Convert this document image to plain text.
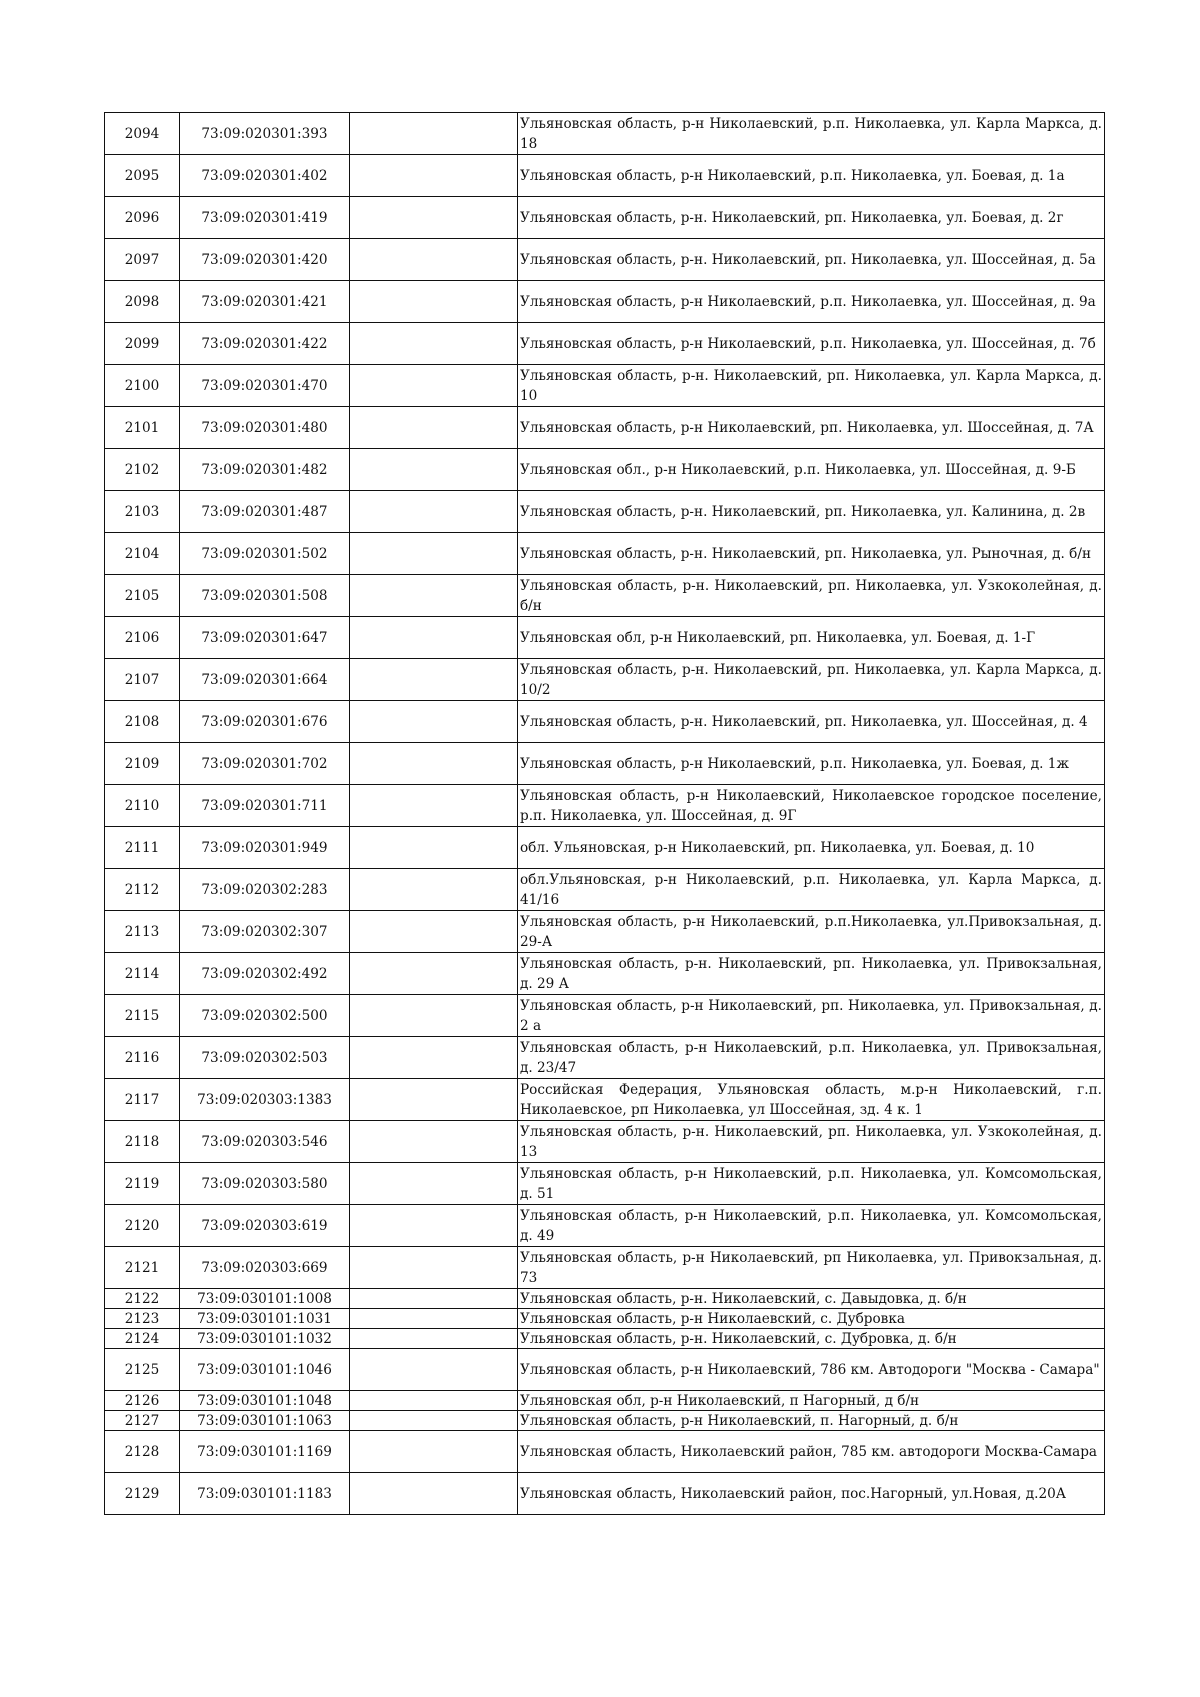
2094	73:09:020301:393		Ульяновская область, р-н Николаевский, р.п. Николаевка, ул. Карла Маркса, д. 18
2095	73:09:020301:402		Ульяновская область, р-н Николаевский, р.п. Николаевка, ул. Боевая, д. 1а
2096	73:09:020301:419		Ульяновская область, р-н. Николаевский, рп. Николаевка, ул. Боевая, д. 2г
2097	73:09:020301:420		Ульяновская область, р-н. Николаевский, рп. Николаевка, ул. Шоссейная, д. 5а
2098	73:09:020301:421		Ульяновская область, р-н Николаевский, р.п. Николаевка, ул. Шоссейная, д. 9а
2099	73:09:020301:422		Ульяновская область, р-н Николаевский, р.п. Николаевка, ул. Шоссейная, д. 7б
2100	73:09:020301:470		Ульяновская область, р-н. Николаевский, рп. Николаевка, ул. Карла Маркса, д. 10
2101	73:09:020301:480		Ульяновская область, р-н Николаевский, рп. Николаевка, ул. Шоссейная, д. 7А
2102	73:09:020301:482		Ульяновская обл., р-н Николаевский, р.п. Николаевка, ул. Шоссейная, д. 9-Б
2103	73:09:020301:487		Ульяновская область, р-н. Николаевский, рп. Николаевка, ул. Калинина, д. 2в
2104	73:09:020301:502		Ульяновская область, р-н. Николаевский, рп. Николаевка, ул. Рыночная, д. б/н
2105	73:09:020301:508		Ульяновская область, р-н. Николаевский, рп. Николаевка, ул. Узкоколейная, д. б/н
2106	73:09:020301:647		Ульяновская обл, р-н Николаевский, рп. Николаевка, ул. Боевая, д. 1-Г
2107	73:09:020301:664		Ульяновская область, р-н. Николаевский, рп. Николаевка, ул. Карла Маркса, д. 10/2
2108	73:09:020301:676		Ульяновская область, р-н. Николаевский, рп. Николаевка, ул. Шоссейная, д. 4
2109	73:09:020301:702		Ульяновская область, р-н Николаевский, р.п. Николаевка, ул. Боевая, д. 1ж
2110	73:09:020301:711		Ульяновская область, р-н Николаевский, Николаевское городское поселение, р.п. Николаевка, ул. Шоссейная, д. 9Г
2111	73:09:020301:949		обл. Ульяновская, р-н Николаевский, рп. Николаевка, ул. Боевая, д. 10
2112	73:09:020302:283		обл.Ульяновская, р-н Николаевский, р.п. Николаевка, ул. Карла Маркса, д. 41/16
2113	73:09:020302:307		Ульяновская область, р-н Николаевский, р.п.Николаевка, ул.Привокзальная, д. 29-А
2114	73:09:020302:492		Ульяновская область, р-н. Николаевский, рп. Николаевка, ул. Привокзальная, д. 29 А
2115	73:09:020302:500		Ульяновская область, р-н Николаевский, рп. Николаевка, ул. Привокзальная, д. 2 а
2116	73:09:020302:503		Ульяновская область, р-н Николаевский, р.п. Николаевка, ул. Привокзальная, д. 23/47
2117	73:09:020303:1383		Российская Федерация, Ульяновская область, м.р-н Николаевский, г.п. Николаевское, рп Николаевка, ул Шоссейная, зд. 4 к. 1
2118	73:09:020303:546		Ульяновская область, р-н. Николаевский, рп. Николаевка, ул. Узкоколейная, д. 13
2119	73:09:020303:580		Ульяновская область, р-н Николаевский, р.п. Николаевка, ул. Комсомольская, д. 51
2120	73:09:020303:619		Ульяновская область, р-н Николаевский, р.п. Николаевка, ул. Комсомольская, д. 49
2121	73:09:020303:669		Ульяновская область, р-н Николаевский, рп Николаевка, ул. Привокзальная, д. 73
2122	73:09:030101:1008		Ульяновская область, р-н. Николаевский, с. Давыдовка, д. б/н
2123	73:09:030101:1031		Ульяновская область, р-н Николаевский, с. Дубровка
2124	73:09:030101:1032		Ульяновская область, р-н. Николаевский, с. Дубровка, д. б/н
2125	73:09:030101:1046		Ульяновская область, р-н Николаевский, 786 км. Автодороги "Москва - Самара"
2126	73:09:030101:1048		Ульяновская обл, р-н Николаевский, п Нагорный, д б/н
2127	73:09:030101:1063		Ульяновская область, р-н Николаевский, п. Нагорный, д. б/н
2128	73:09:030101:1169		Ульяновская область, Николаевский район, 785 км. автодороги Москва-Самара
2129	73:09:030101:1183		Ульяновская область, Николаевский район, пос.Нагорный, ул.Новая, д.20А
